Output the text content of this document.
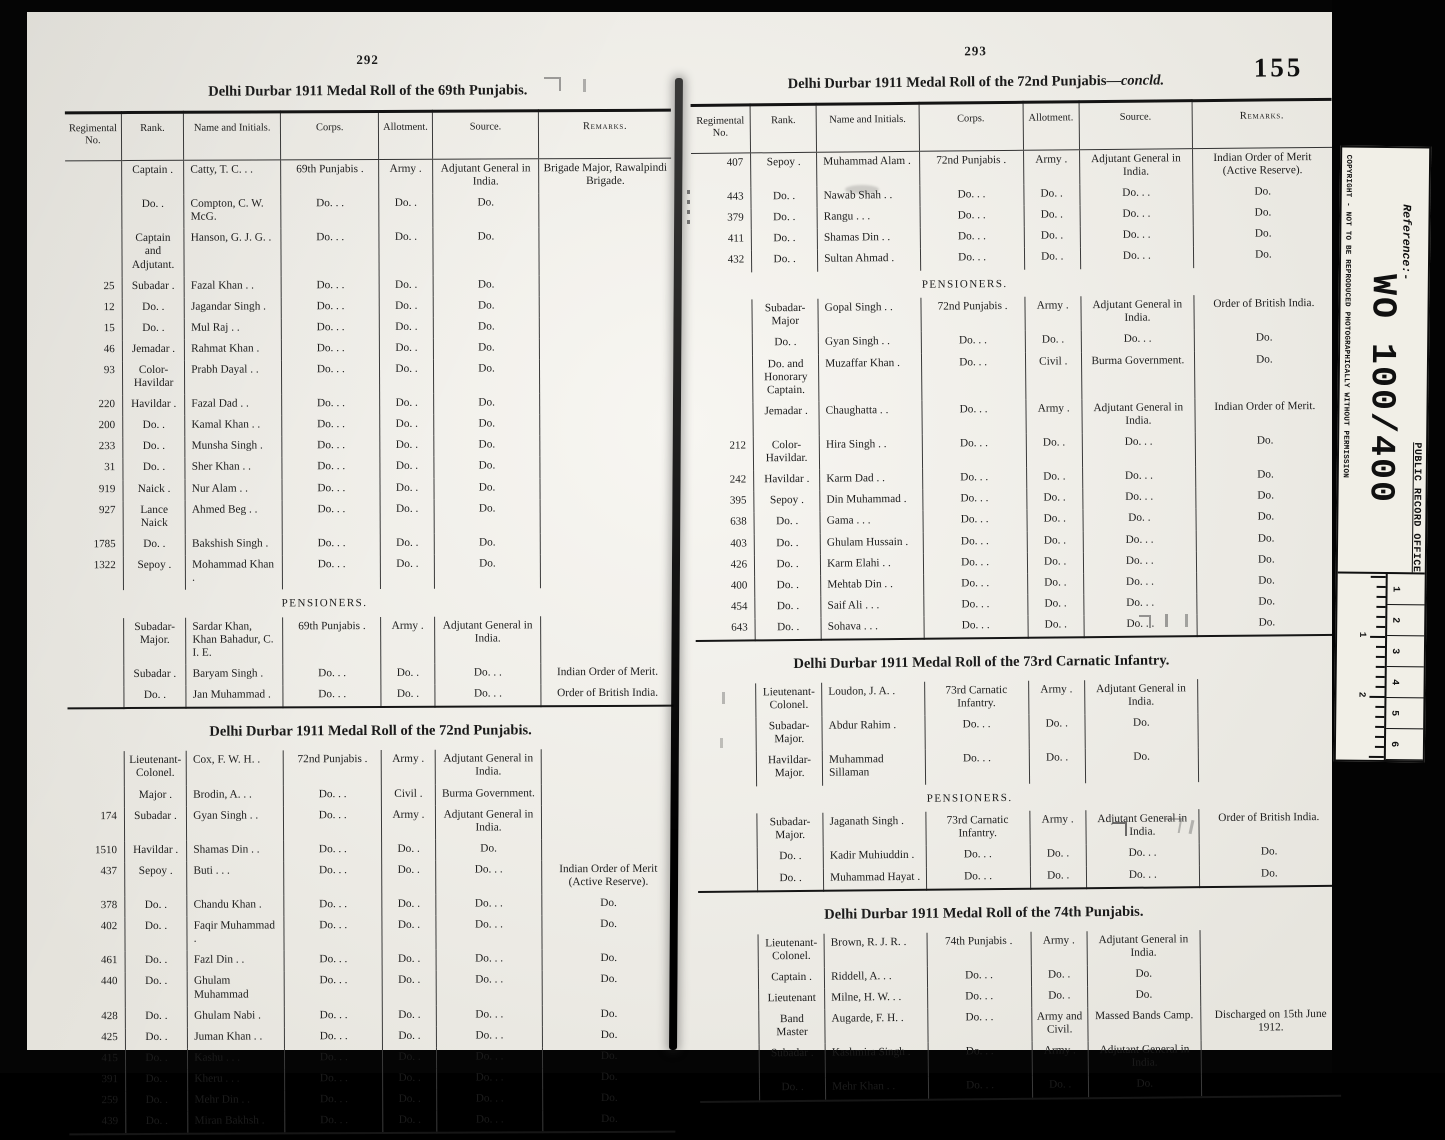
292
Delhi Durbar 1911 Medal Roll of the 69th Punjabis.
Regimental No.	Rank.	Name and Initials.	Corps.	Allotment.	Source.	Remarks.
	Captain .	Catty, T. C. . .	69th Punjabis .	Army .	Adjutant General in India.	Brigade Major, Rawalpindi Brigade.
	Do. .	Compton, C. W. McG.	Do. . .	Do. .	Do.	
	Captain and Adjutant.	Hanson, G. J. G. .	Do. . .	Do. .	Do.	
25	Subadar .	Fazal Khan . .	Do. . .	Do. .	Do.	
12	Do. .	Jagandar Singh .	Do. . .	Do. .	Do.	
15	Do. .	Mul Raj . .	Do. . .	Do. .	Do.	
46	Jemadar .	Rahmat Khan .	Do. . .	Do. .	Do.	
93	Color-Havildar	Prabh Dayal . .	Do. . .	Do. .	Do.	
220	Havildar .	Fazal Dad . .	Do. . .	Do. .	Do.	
200	Do. .	Kamal Khan . .	Do. . .	Do. .	Do.	
233	Do. .	Munsha Singh .	Do. . .	Do. .	Do.	
31	Do. .	Sher Khan . .	Do. . .	Do. .	Do.	
919	Naick .	Nur Alam . .	Do. . .	Do. .	Do.	
927	Lance Naick	Ahmed Beg . .	Do. . .	Do. .	Do.	
1785	Do. .	Bakshish Singh .	Do. . .	Do. .	Do.	
1322	Sepoy .	Mohammad Khan .	Do. . .	Do. .	Do.	
PENSIONERS.						
	Subadar-Major.	Sardar Khan, Khan Bahadur, C. I. E.	69th Punjabis .	Army .	Adjutant General in India.	
	Subadar .	Baryam Singh .	Do. . .	Do. .	Do. . .	Indian Order of Merit.
	Do. .	Jan Muhammad .	Do. . .	Do. .	Do. . .	Order of British India.
Delhi Durbar 1911 Medal Roll of the 72nd Punjabis.
	Lieutenant-Colonel.	Cox, F. W. H. .	72nd Punjabis .	Army .	Adjutant General in India.	
	Major .	Brodin, A. . .	Do. . .	Civil .	Burma Government.	
174	Subadar .	Gyan Singh . .	Do. . .	Army .	Adjutant General in India.	
1510	Havildar .	Shamas Din . .	Do. . .	Do. .	Do.	
437	Sepoy .	Buti . . .	Do. . .	Do. .	Do. . .	Indian Order of Merit (Active Reserve).
378	Do. .	Chandu Khan .	Do. . .	Do. .	Do. . .	Do.
402	Do. .	Faqir Muhammad .	Do. . .	Do. .	Do. . .	Do.
461	Do. .	Fazl Din . .	Do. . .	Do. .	Do. . .	Do.
440	Do. .	Ghulam Muhammad	Do. . .	Do. .	Do. . .	Do.
428	Do. .	Ghulam Nabi .	Do. . .	Do. .	Do. . .	Do.
425	Do. .	Juman Khan . .	Do. . .	Do. .	Do. . .	Do.
415	Do. .	Kashu . . .	Do. . .	Do. .	Do. . .	Do.
391	Do. .	Kheru . . .	Do. . .	Do. .	Do. . .	Do.
259	Do. .	Mehr Din . .	Do. . .	Do. .	Do. . .	Do.
439	Do. .	Miran Bakhsh .	Do. . .	Do. .	Do. . .	Do.
155
293
Delhi Durbar 1911 Medal Roll of the 72nd Punjabis—concld.
Regimental No.	Rank.	Name and Initials.	Corps.	Allotment.	Source.	Remarks.
407	Sepoy .	Muhammad Alam .	72nd Punjabis .	Army .	Adjutant General in India.	Indian Order of Merit (Active Reserve).
443	Do. .	Nawab Shah . .	Do. . .	Do. .	Do. . .	Do.
379	Do. .	Rangu . . .	Do. . .	Do. .	Do. . .	Do.
411	Do. .	Shamas Din . .	Do. . .	Do. .	Do. . .	Do.
432	Do. .	Sultan Ahmad .	Do. . .	Do. .	Do. . .	Do.
PENSIONERS.						
	Subadar-Major	Gopal Singh . .	72nd Punjabis .	Army .	Adjutant General in India.	Order of British India.
	Do. .	Gyan Singh . .	Do. . .	Do. .	Do. . .	Do.
	Do. and Honorary Captain.	Muzaffar Khan .	Do. . .	Civil .	Burma Government.	Do.
	Jemadar .	Chaughatta . .	Do. . .	Army .	Adjutant General in India.	Indian Order of Merit.
212	Color-Havildar.	Hira Singh . .	Do. . .	Do. .	Do. . .	Do.
242	Havildar .	Karm Dad . .	Do. . .	Do. .	Do. . .	Do.
395	Sepoy .	Din Muhammad .	Do. . .	Do. .	Do. . .	Do.
638	Do. .	Gama . . .	Do. . .	Do. .	Do. .	Do.
403	Do. .	Ghulam Hussain .	Do. . .	Do. .	Do. . .	Do.
426	Do. .	Karm Elahi . .	Do. . .	Do. .	Do. . .	Do.
400	Do. .	Mehtab Din . .	Do. . .	Do. .	Do. . .	Do.
454	Do. .	Saif Ali . . .	Do. . .	Do. .	Do. . .	Do.
643	Do. .	Sohava . . .	Do. . .	Do. .	Do. . .	Do.
Delhi Durbar 1911 Medal Roll of the 73rd Carnatic Infantry.
	Lieutenant-Colonel.	Loudon, J. A. .	73rd Carnatic Infantry.	Army .	Adjutant General in India.	
	Subadar-Major.	Abdur Rahim .	Do. . .	Do. .	Do.	
	Havildar-Major.	Muhammad Sillaman	Do. . .	Do. .	Do.	
PENSIONERS.						
	Subadar-Major.	Jaganath Singh .	73rd Carnatic Infantry.	Army .	Adjutant General in India.	Order of British India.
	Do. .	Kadir Muhiuddin .	Do. . .	Do. .	Do. . .	Do.
	Do. .	Muhammad Hayat .	Do. . .	Do. .	Do. . .	Do.
Delhi Durbar 1911 Medal Roll of the 74th Punjabis.
	Lieutenant-Colonel.	Brown, R. J. R. .	74th Punjabis .	Army .	Adjutant General in India.	
	Captain .	Riddell, A. . .	Do. . .	Do. .	Do.	
	Lieutenant	Milne, H. W. . .	Do. . .	Do. .	Do.	
	Band Master	Augarde, F. H. .	Do. . .	Army and Civil.	Massed Bands Camp.	Discharged on 15th June 1912.
	Subadar .	Kashmira Singh .	Do. . .	Army .	Adjutant General in India.	
	Do. .	Mehr Khan . .	Do. . .	Do. .	Do.	
PUBLIC RECORD OFFICE
Reference:-
WO 100/400
COPYRIGHT - NOT TO BE REPRODUCED PHOTOGRAPHICALLY WITHOUT PERMISSION
1
2
3
4
5
6
1
2
